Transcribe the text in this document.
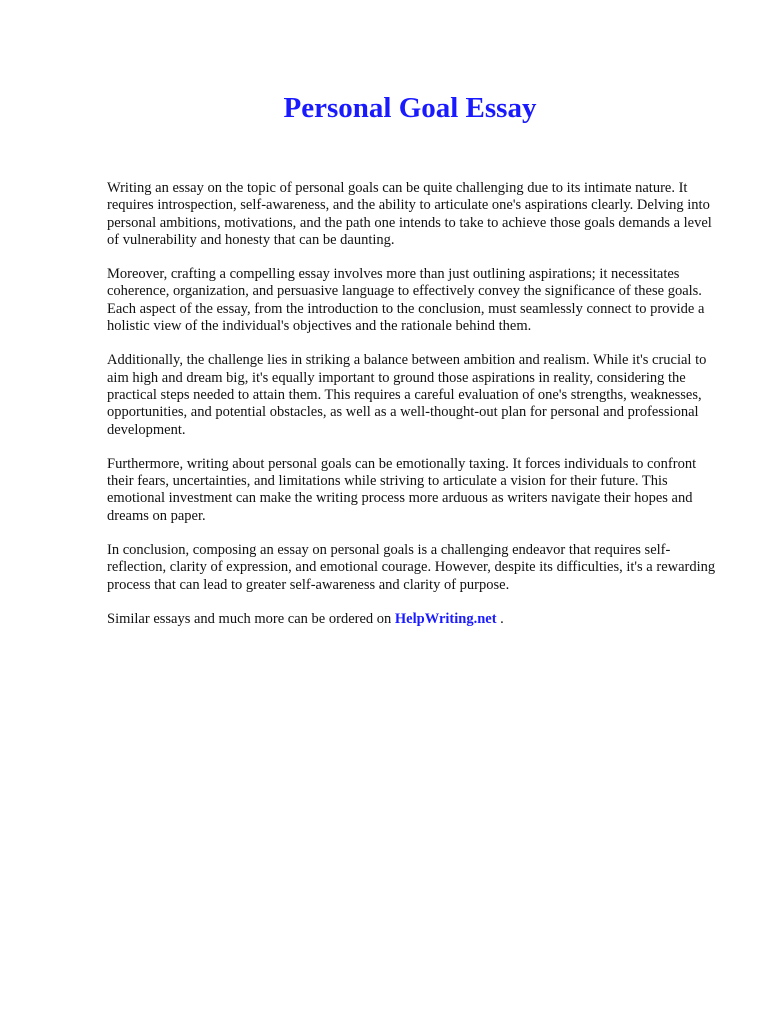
Personal Goal Essay

Writing an essay on the topic of personal goals can be quite challenging due to its intimate nature. It requires introspection, self-awareness, and the ability to articulate one's aspirations clearly. Delving into personal ambitions, motivations, and the path one intends to take to achieve those goals demands a level of vulnerability and honesty that can be daunting.

Moreover, crafting a compelling essay involves more than just outlining aspirations; it necessitates coherence, organization, and persuasive language to effectively convey the significance of these goals. Each aspect of the essay, from the introduction to the conclusion, must seamlessly connect to provide a holistic view of the individual's objectives and the rationale behind them.

Additionally, the challenge lies in striking a balance between ambition and realism. While it's crucial to aim high and dream big, it's equally important to ground those aspirations in reality, considering the practical steps needed to attain them. This requires a careful evaluation of one's strengths, weaknesses, opportunities, and potential obstacles, as well as a well-thought-out plan for personal and professional development.

Furthermore, writing about personal goals can be emotionally taxing. It forces individuals to confront their fears, uncertainties, and limitations while striving to articulate a vision for their future. This emotional investment can make the writing process more arduous as writers navigate their hopes and dreams on paper.

In conclusion, composing an essay on personal goals is a challenging endeavor that requires self-reflection, clarity of expression, and emotional courage. However, despite its difficulties, it's a rewarding process that can lead to greater self-awareness and clarity of purpose.

Similar essays and much more can be ordered on HelpWriting.net .
